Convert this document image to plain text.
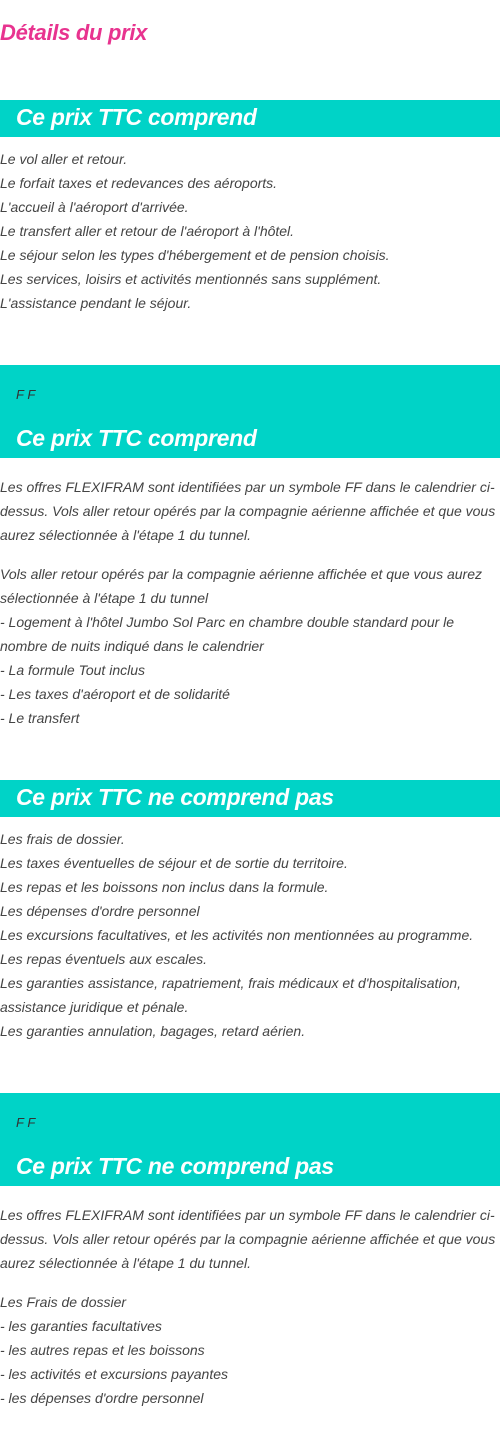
Détails du prix
Ce prix TTC comprend
Le vol aller et retour.
Le forfait taxes et redevances des aéroports.
L'accueil à l'aéroport d'arrivée.
Le transfert aller et retour de l'aéroport à l'hôtel.
Le séjour selon les types d'hébergement et de pension choisis.
Les services, loisirs et activités mentionnés sans supplément.
L'assistance pendant le séjour.
F F
Ce prix TTC comprend

Les offres FLEXIFRAM sont identifiées par un symbole FF dans le calendrier ci-
dessus. Vols aller retour opérés par la compagnie aérienne affichée et que vous
aurez sélectionnée à l'étape 1 du tunnel.

Vols aller retour opérés par la compagnie aérienne affichée et que vous aurez
sélectionnée à l'étape 1 du tunnel
- Logement à l'hôtel Jumbo Sol Parc en chambre double standard pour le
nombre de nuits indiqué dans le calendrier
- La formule Tout inclus
- Les taxes d'aéroport et de solidarité
- Le transfert

Ce prix TTC ne comprend pas
Les frais de dossier.
Les taxes éventuelles de séjour et de sortie du territoire.
Les repas et les boissons non inclus dans la formule.
Les dépenses d'ordre personnel
Les excursions facultatives, et les activités non mentionnées au programme.
Les repas éventuels aux escales.
Les garanties assistance, rapatriement, frais médicaux et d'hospitalisation,
assistance juridique et pénale.
Les garanties annulation, bagages, retard aérien.
F F
Ce prix TTC ne comprend pas

Les offres FLEXIFRAM sont identifiées par un symbole FF dans le calendrier ci-
dessus. Vols aller retour opérés par la compagnie aérienne affichée et que vous
aurez sélectionnée à l'étape 1 du tunnel.

Les Frais de dossier
- les garanties facultatives
- les autres repas et les boissons
- les activités et excursions payantes
- les dépenses d'ordre personnel
